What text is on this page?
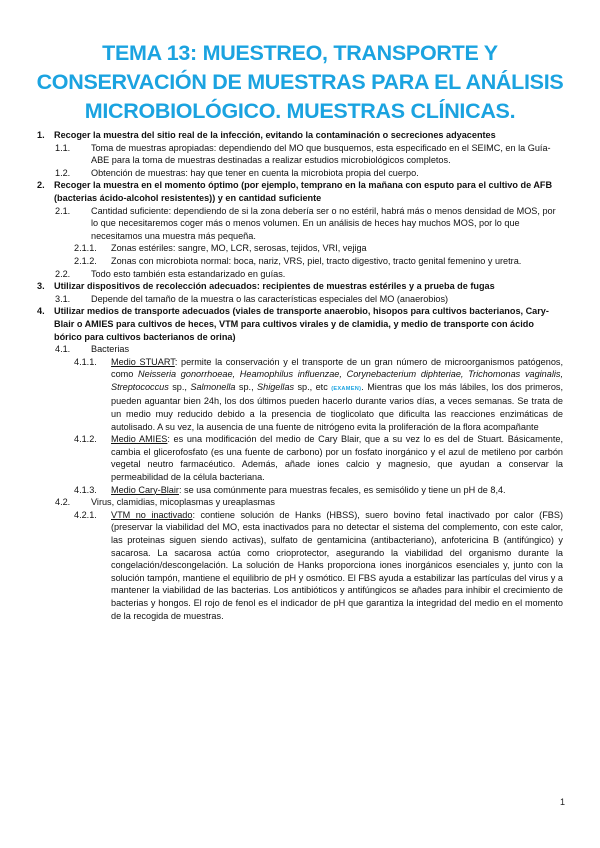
TEMA 13: MUESTREO, TRANSPORTE Y
CONSERVACIÓN DE MUESTRAS PARA EL ANÁLISIS
MICROBIOLÓGICO. MUESTRAS CLÍNICAS.
1. Recoger la muestra del sitio real de la infección, evitando la contaminación o secreciones adyacentes
1.1. Toma de muestras apropiadas: dependiendo del MO que busquemos, esta especificado en el SEIMC, en la Guía-ABE para la toma de muestras destinadas a realizar estudios microbiológicos completos.
1.2. Obtención de muestras: hay que tener en cuenta la microbiota propia del cuerpo.
2. Recoger la muestra en el momento óptimo (por ejemplo, temprano en la mañana con esputo para el cultivo de AFB (bacterias ácido-alcohol resistentes)) y en cantidad suficiente
2.1. Cantidad suficiente: dependiendo de si la zona debería ser o no estéril, habrá más o menos densidad de MOS, por lo que necesitaremos coger más o menos volumen. En un análisis de heces hay muchos MOS, por lo que necesitamos una muestra más pequeña.
2.1.1. Zonas estériles: sangre, MO, LCR, serosas, tejidos, VRI, vejiga
2.1.2. Zonas con microbiota normal: boca, nariz, VRS, piel, tracto digestivo, tracto genital femenino y uretra.
2.2. Todo esto también esta estandarizado en guías.
3. Utilizar dispositivos de recolección adecuados: recipientes de muestras estériles y a prueba de fugas
3.1. Depende del tamaño de la muestra o las características especiales del MO (anaerobios)
4. Utilizar medios de transporte adecuados (viales de transporte anaerobio, hisopos para cultivos bacterianos, Cary-Blair o AMIES para cultivos de heces, VTM para cultivos virales y de clamidia, y medio de transporte con ácido bórico para cultivos bacterianos de orina)
4.1. Bacterias
4.1.1. Medio STUART: permite la conservación y el transporte de un gran número de microorganismos patógenos, como Neisseria gonorrhoeae, Heamophilus influenzae, Corynebacterium diphteriae, Trichomonas vaginalis, Streptococcus sp., Salmonella sp., Shigellas sp., etc (EXAMEN). Mientras que los más lábiles, los dos primeros, pueden aguantar bien 24h, los dos últimos pueden hacerlo durante varios días, a veces semanas. Se trata de un medio muy reducido debido a la presencia de tioglicolato que dificulta las reacciones enzimáticas de autolisado. A su vez, la ausencia de una fuente de nitrógeno evita la proliferación de la flora acompañante
4.1.2. Medio AMIES: es una modificación del medio de Cary Blair, que a su vez lo es del de Stuart. Básicamente, cambia el glicerofosfato (es una fuente de carbono) por un fosfato inorgánico y el azul de metileno por carbón vegetal neutro farmacéutico. Además, añade iones calcio y magnesio, que ayudan a conservar la permeabilidad de la célula bacteriana.
4.1.3. Medio Cary-Blair: se usa comúnmente para muestras fecales, es semisólido y tiene un pH de 8,4.
4.2. Virus, clamidias, micoplasmas y ureaplasmas
4.2.1. VTM no inactivado: contiene solución de Hanks (HBSS), suero bovino fetal inactivado por calor (FBS) (preservar la viabilidad del MO, esta inactivados para no detectar el sistema del complemento, con este calor, las proteinas siguen siendo activas), sulfato de gentamicina (antibacteriano), anfotericina B (antifúngico) y sacarosa. La sacarosa actúa como crioprotector, asegurando la viabilidad del organismo durante la congelación/descongelación. La solución de Hanks proporciona iones inorgánicos esenciales y, junto con la solución tampón, mantiene el equilibrio de pH y osmótico. El FBS ayuda a estabilizar las partículas del virus y a mantener la viabilidad de las bacterias. Los antibióticos y antifúngicos se añades para inhibir el crecimiento de bacterias y hongos. El rojo de fenol es el indicador de pH que garantiza la integridad del medio en el momento de la recogida de muestras.
1
